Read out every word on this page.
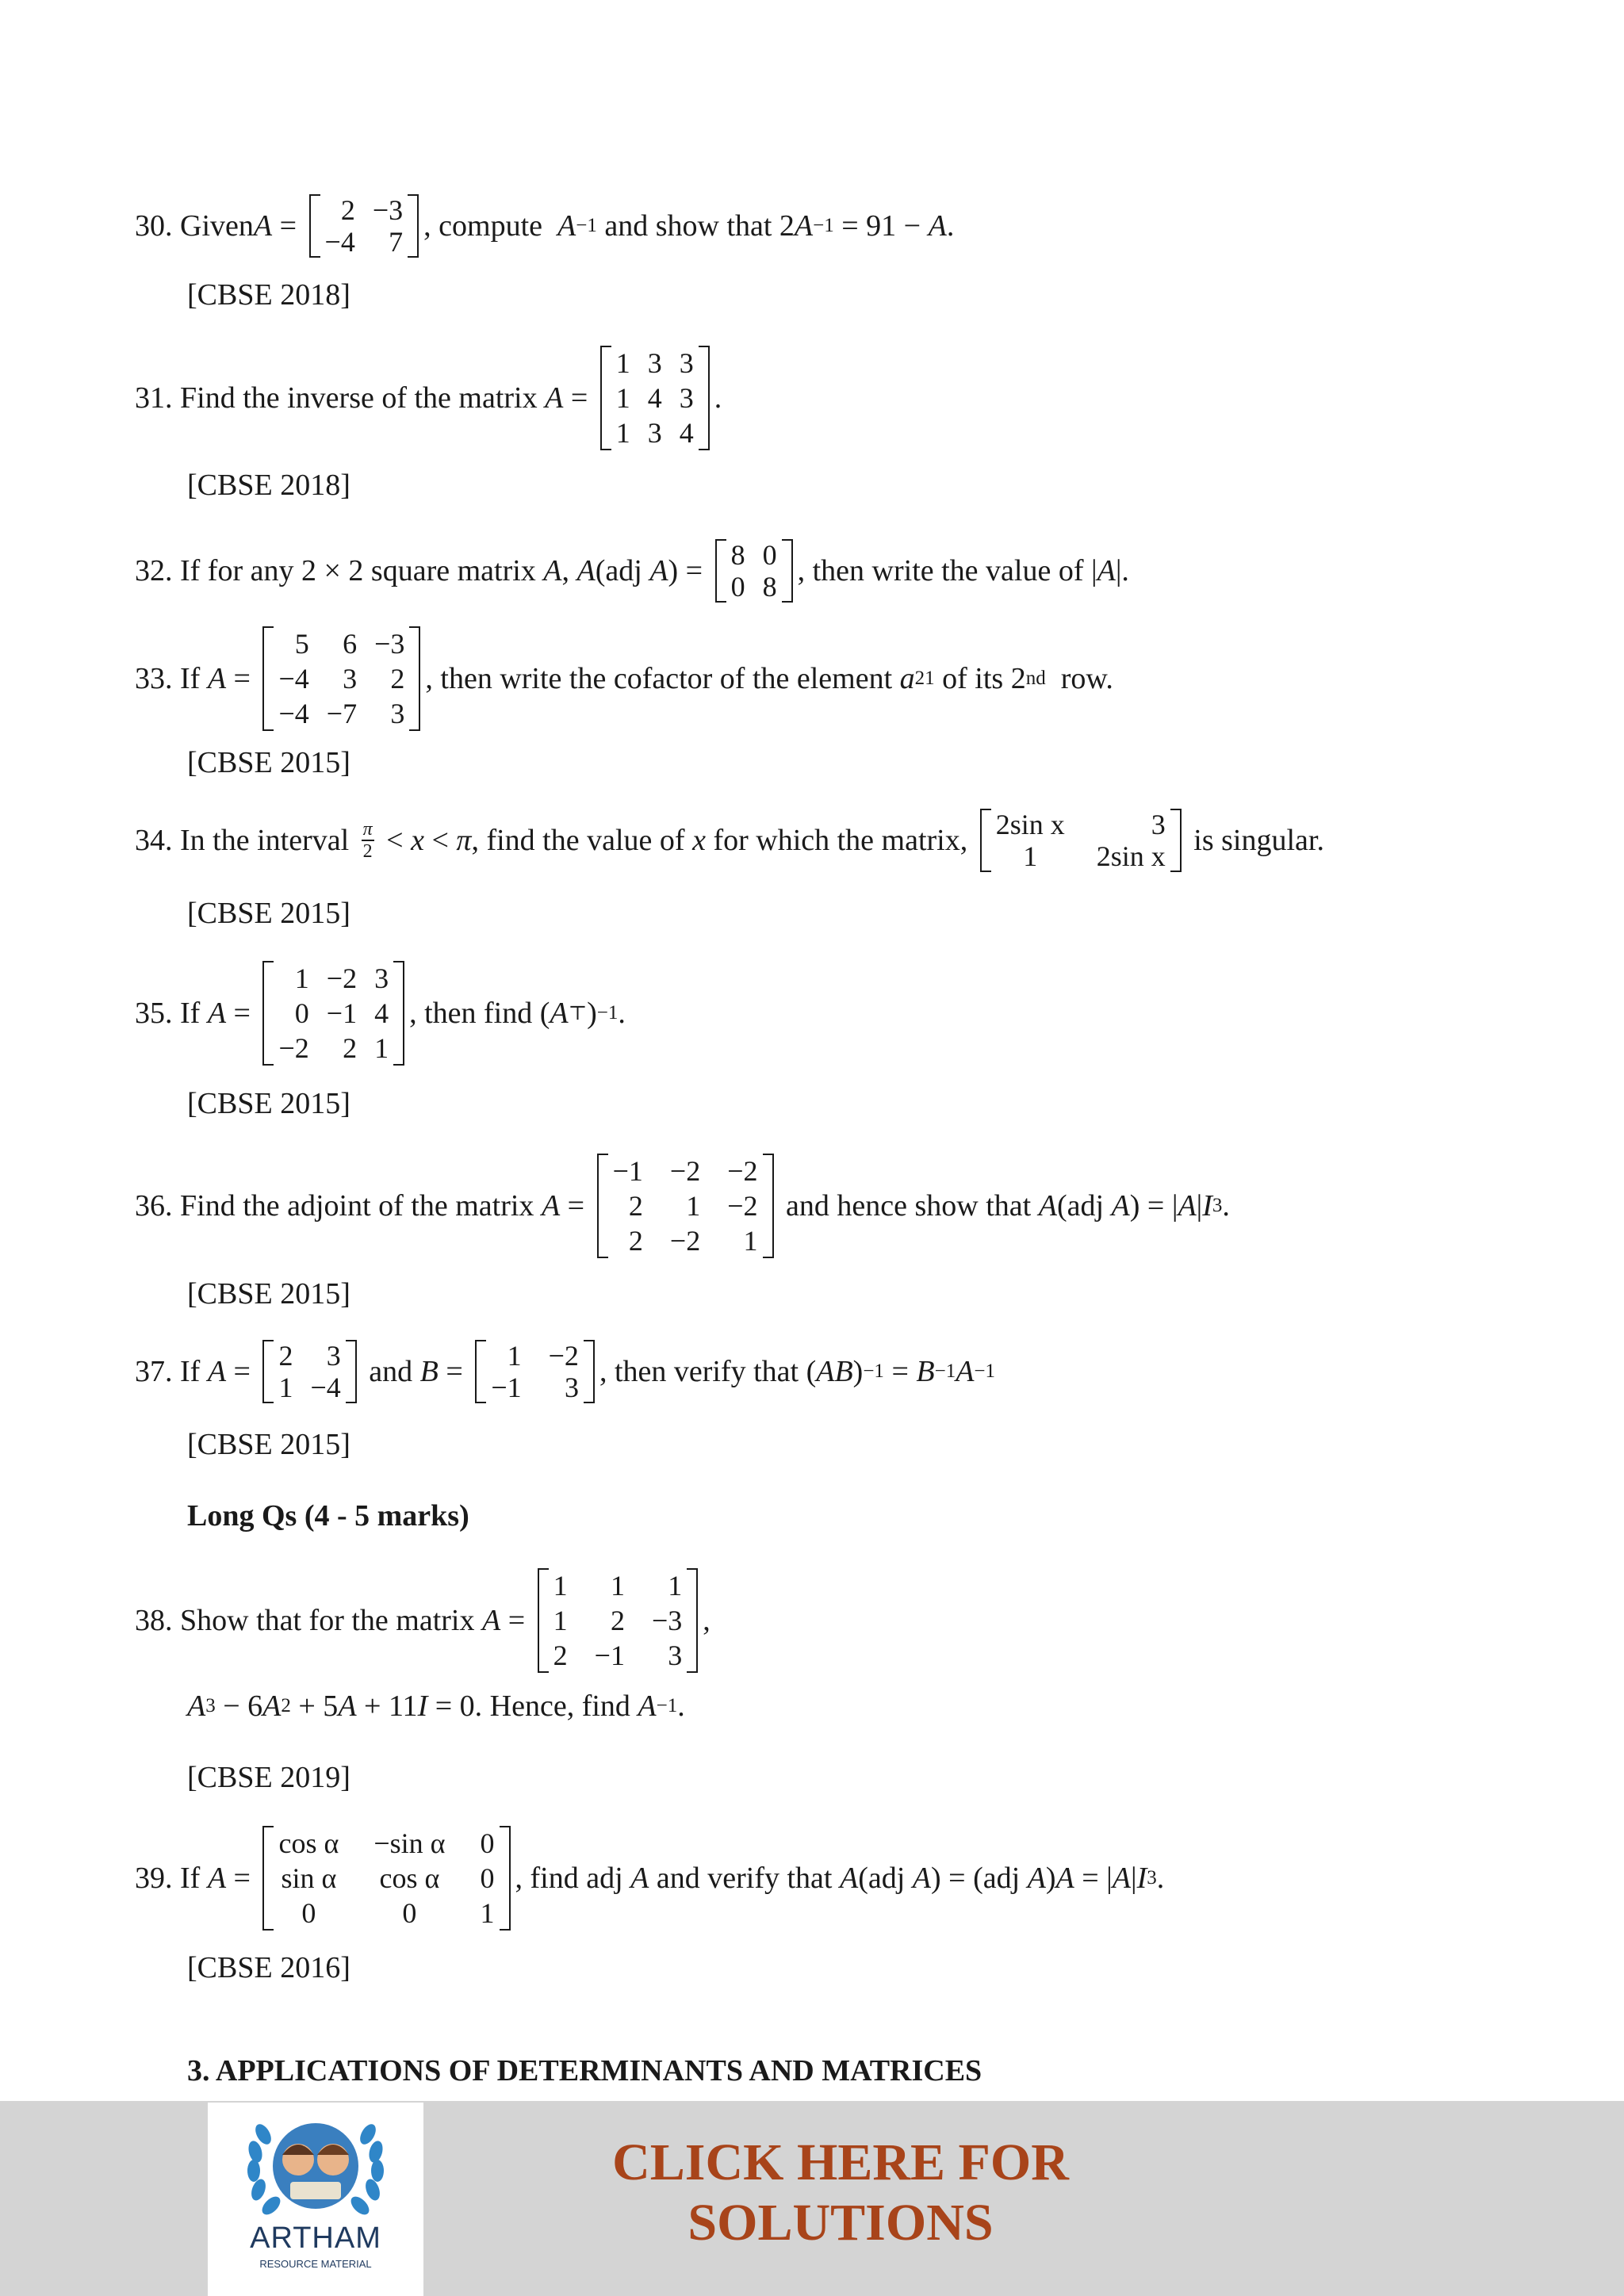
30.
Given A =	2 −3
−4	7 , compute
A −1 and show that 2 A −1 = 91 − A .
[CBSE 2018]
31.
Find the inverse of the matrix A =
1 3 3
1 4 3
1 3 4
.
[CBSE 2018]
32.
If for any 2 × 2 square matrix A , A (adj A ) = 8 0
0 8 , then write the value of | A |.
33.
If A =
5	6 −3
−4	3	2
−4 −7	3
, then write the cofactor of the element a 21 of its 2 nd row.
[CBSE 2015]
34.
In the interval $\frac{\pi}{2} < x < \pi$ , find the value of x for which the matrix, 2sin x	3
1	2sin x is singular.
[CBSE 2015]
35.
If A =
1 −2 3
0 −1 4
−2	2 1
, then find ( A ⊤ ) −1 .
[CBSE 2015]
36.
Find the adjoint of the matrix A =
−1 −2 −2
2	1 −2
2 −2	1
and hence show that A (adj A ) = | A | I 3 .
[CBSE 2015]
37.
If A = 2	3
1 −4 and B =	1 −2
−1	3 , then verify that ( AB ) −1 = B −1 A −1
[CBSE 2015]
Long Qs (4 - 5 marks)
38.
Show that for the matrix A =
1	1	1
1	2 −3
2 −1	3
,
A 3 − 6 A 2 + 5 A + 11 I = 0. Hence, find A −1 .
[CBSE 2019]
39.
If A =
cos α −sin α 0
sin α cos α 0
0	0	1
, find adj A and verify that A (adj A ) = (adj A ) A = | A | I 3 .
[CBSE 2016]
3. APPLICATIONS OF DETERMINANTS AND MATRICES
ARTHAM
RESOURCE MATERIAL
CLICK HERE FOR
SOLUTIONS
